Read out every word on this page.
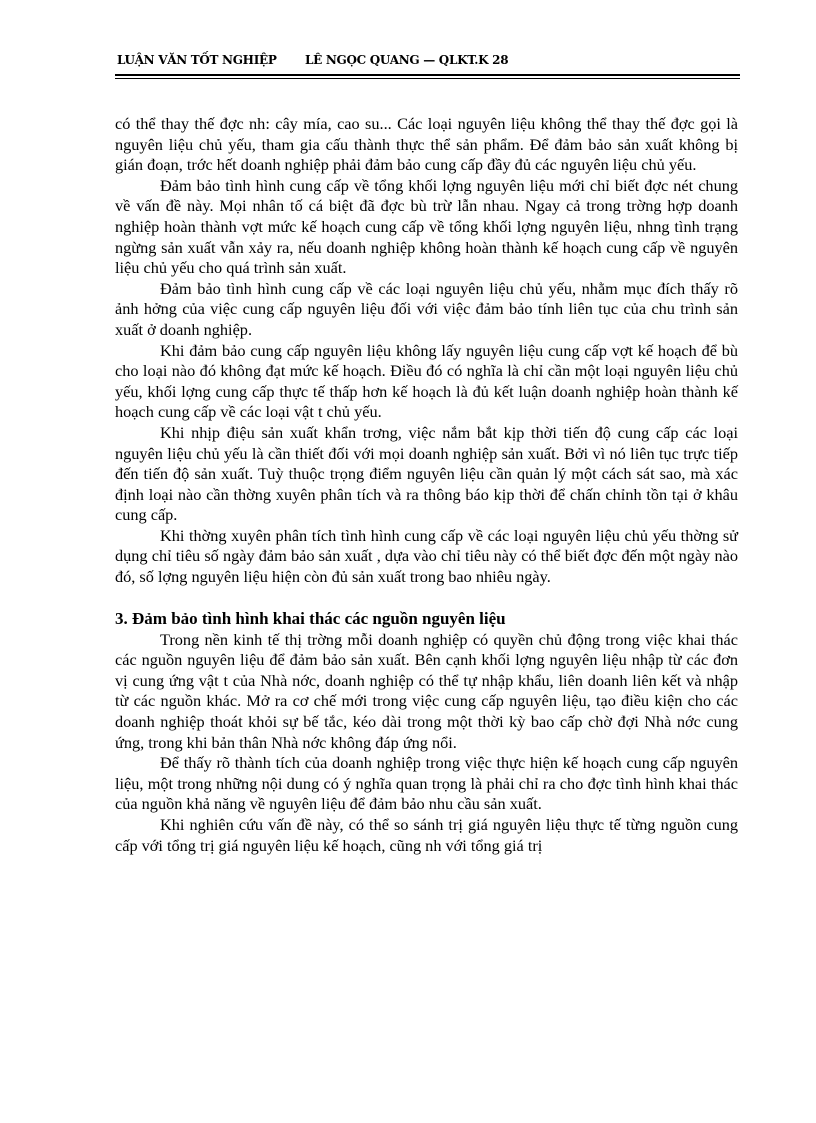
LUẬN VĂN TỐT NGHIỆP LÊ NGỌC QUANG — QLKT.K 28

có thể thay thế đợc nh: cây mía, cao su... Các loại nguyên liệu không thể thay thế đợc gọi là nguyên liệu chủ yếu, tham gia cấu thành thực thể sản phẩm. Để đảm bảo sản xuất không bị gián đoạn, trớc hết doanh nghiệp phải đảm bảo cung cấp đầy đủ các nguyên liệu chủ yếu.

Đảm bảo tình hình cung cấp về tổng khối lợng nguyên liệu mới chỉ biết đợc nét chung về vấn đề này. Mọi nhân tố cá biệt đã đợc bù trừ lẫn nhau. Ngay cả trong trờng hợp doanh nghiệp hoàn thành vợt mức kế hoạch cung cấp về tổng khối lợng nguyên liệu, nhng tình trạng ngừng sản xuất vẫn xảy ra, nếu doanh nghiệp không hoàn thành kế hoạch cung cấp về nguyên liệu chủ yếu cho quá trình sản xuất.

Đảm bảo tình hình cung cấp về các loại nguyên liệu chủ yếu, nhằm mục đích thấy rõ ảnh hởng của việc cung cấp nguyên liệu đối với việc đảm bảo tính liên tục của chu trình sản xuất ở doanh nghiệp.

Khi đảm bảo cung cấp nguyên liệu không lấy nguyên liệu cung cấp vợt kế hoạch để bù cho loại nào đó không đạt mức kế hoạch. Điều đó có nghĩa là chỉ cần một loại nguyên liệu chủ yếu, khối lợng cung cấp thực tế thấp hơn kế hoạch là đủ kết luận doanh nghiệp hoàn thành kế hoạch cung cấp về các loại vật t chủ yếu.

Khi nhịp điệu sản xuất khẩn trơng, việc nắm bắt kịp thời tiến độ cung cấp các loại nguyên liệu chủ yếu là cần thiết đối với mọi doanh nghiệp sản xuất. Bởi vì nó liên tục trực tiếp đến tiến độ sản xuất. Tuỳ thuộc trọng điểm nguyên liệu cần quản lý một cách sát sao, mà xác định loại nào cần thờng xuyên phân tích và ra thông báo kịp thời để chấn chỉnh tồn tại ở khâu cung cấp.

Khi thờng xuyên phân tích tình hình cung cấp về các loại nguyên liệu chủ yếu thờng sử dụng chỉ tiêu số ngày đảm bảo sản xuất , dựa vào chỉ tiêu này có thể biết đợc đến một ngày nào đó, số lợng nguyên liệu hiện còn đủ sản xuất trong bao nhiêu ngày.

3. Đảm bảo tình hình khai thác các nguồn nguyên liệu

Trong nền kinh tế thị trờng mỗi doanh nghiệp có quyền chủ động trong việc khai thác các nguồn nguyên liệu để đảm bảo sản xuất. Bên cạnh khối lợng nguyên liệu nhập từ các đơn vị cung ứng vật t của Nhà nớc, doanh nghiệp có thể tự nhập khẩu, liên doanh liên kết và nhập từ các nguồn khác. Mở ra cơ chế mới trong việc cung cấp nguyên liệu, tạo điều kiện cho các doanh nghiệp thoát khỏi sự bế tắc, kéo dài trong một thời kỳ bao cấp chờ đợi Nhà nớc cung ứng, trong khi bản thân Nhà nớc không đáp ứng nổi.

Để thấy rõ thành tích của doanh nghiệp trong việc thực hiện kế hoạch cung cấp nguyên liệu, một trong những nội dung có ý nghĩa quan trọng là phải chỉ ra cho đợc tình hình khai thác của nguồn khả năng về nguyên liệu để đảm bảo nhu cầu sản xuất.

Khi nghiên cứu vấn đề này, có thể so sánh trị giá nguyên liệu thực tế từng nguồn cung cấp với tổng trị giá nguyên liệu kế hoạch, cũng nh với tổng giá trị
